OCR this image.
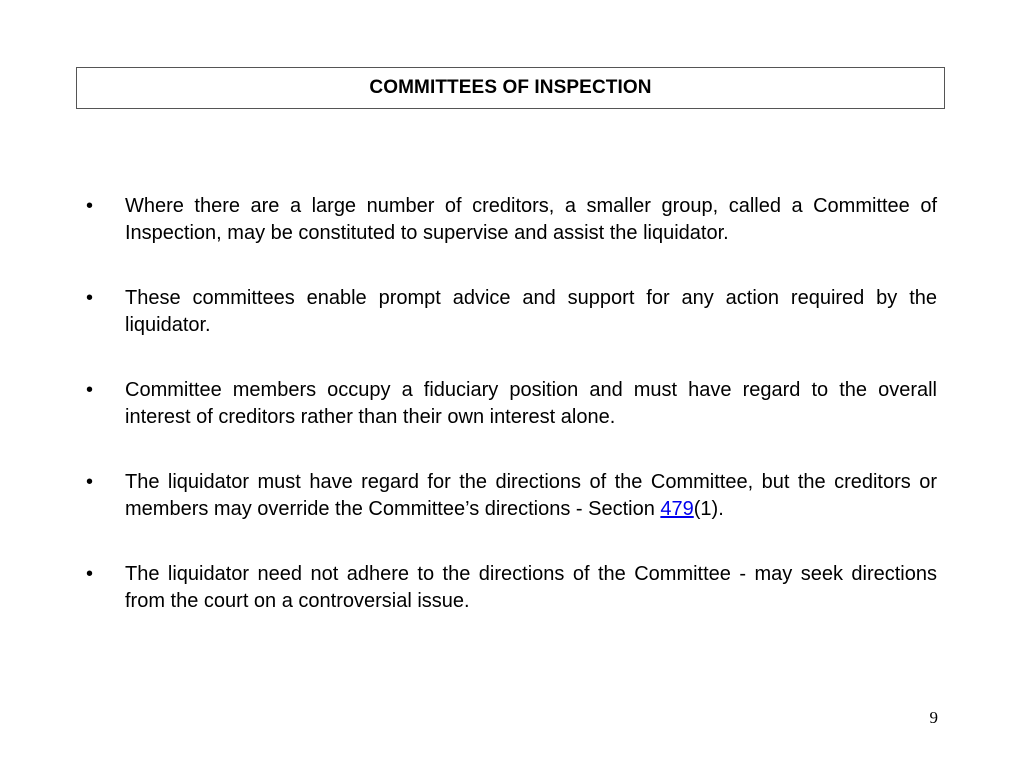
COMMITTEES OF INSPECTION
•	Where there are a large number of creditors, a smaller group, called a Committee of Inspection, may be constituted to supervise and assist the liquidator.
•	These committees enable prompt advice and support for any action required by the liquidator.
•	Committee members occupy a fiduciary position and must have regard to the overall interest of creditors rather than their own interest alone.
•	The liquidator must have regard for the directions of the Committee, but the creditors or members may override the Committee’s directions - Section 479(1).
•	The liquidator need not adhere to the directions of the Committee - may seek directions from the court on a controversial issue.
9
